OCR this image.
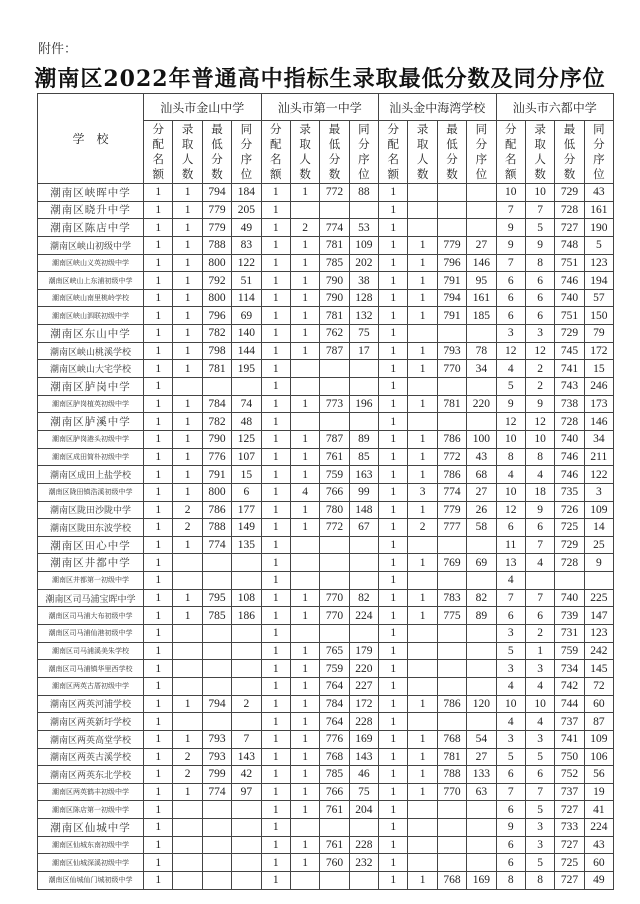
附件：
潮南区2022年普通高中指标生录取最低分数及同分序位
学　校	汕头市金山中学				汕头市第一中学				汕头金中海湾学校				汕头市六都中学			
	分配名额	录取人数	最低分数	同分序位	分配名额	录取人数	最低分数	同分序位	分配名额	录取人数	最低分数	同分序位	分配名额	录取人数	最低分数	同分序位
潮南区峡晖中学	1	1	794	184	1	1	772	88	1				10	10	729	43
潮南区晓升中学	1	1	779	205	1				1				7	7	728	161
潮南区陈店中学	1	1	779	49	1	2	774	53	1				9	5	727	190
潮南区峡山初级中学	1	1	788	83	1	1	781	109	1	1	779	27	9	9	748	5
潮南区峡山义英初级中学	1	1	800	122	1	1	785	202	1	1	796	146	7	8	751	123
潮南区峡山上东浦初级中学	1	1	792	51	1	1	790	38	1	1	791	95	6	6	746	194
潮南区峡山南里桃岭学校	1	1	800	114	1	1	790	128	1	1	794	161	6	6	740	57
潮南区峡山泗联初级中学	1	1	796	69	1	1	781	132	1	1	791	185	6	6	751	150
潮南区东山中学	1	1	782	140	1	1	762	75	1				3	3	729	79
潮南区峡山桃溪学校	1	1	798	144	1	1	787	17	1	1	793	78	12	12	745	172
潮南区峡山大宅学校	1	1	781	195	1				1	1	770	34	4	2	741	15
潮南区胪岗中学	1				1				1				5	2	743	246
潮南区胪岗植英初级中学	1	1	784	74	1	1	773	196	1	1	781	220	9	9	738	173
潮南区胪溪中学	1	1	782	48	1				1				12	12	728	146
潮南区胪岗港头初级中学	1	1	790	125	1	1	787	89	1	1	786	100	10	10	740	34
潮南区成田简朴初级中学	1	1	776	107	1	1	761	85	1	1	772	43	8	8	746	211
潮南区成田上盐学校	1	1	791	15	1	1	759	163	1	1	786	68	4	4	746	122
潮南区陇田镇浩溪初级中学	1	1	800	6	1	4	766	99	1	3	774	27	10	18	735	3
潮南区陇田沙陇中学	1	2	786	177	1	1	780	148	1	1	779	26	12	9	726	109
潮南区陇田东波学校	1	2	788	149	1	1	772	67	1	2	777	58	6	6	725	14
潮南区田心中学	1	1	774	135	1				1				11	7	729	25
潮南区井都中学	1				1				1	1	769	69	13	4	728	9
潮南区井都第一初级中学	1				1				1				4			
潮南区司马浦宝晖中学	1	1	795	108	1	1	770	82	1	1	783	82	7	7	740	225
潮南区司马浦大布初级中学	1	1	785	186	1	1	770	224	1	1	775	89	6	6	739	147
潮南区司马浦仙港初级中学	1				1				1				3	2	731	123
潮南区司马浦溪美朱学校	1				1	1	765	179	1				5	1	759	242
潮南区司马浦镇华里西学校	1				1	1	759	220	1				3	3	734	145
潮南区两英古厝初级中学	1				1	1	764	227	1				4	4	742	72
潮南区两英河浦学校	1	1	794	2	1	1	784	172	1	1	786	120	10	10	744	60
潮南区两英新圩学校	1				1	1	764	228	1				4	4	737	87
潮南区两英高堂学校	1	1	793	7	1	1	776	169	1	1	768	54	3	3	741	109
潮南区两英古溪学校	1	2	793	143	1	1	768	143	1	1	781	27	5	5	750	106
潮南区两英东北学校	1	2	799	42	1	1	785	46	1	1	788	133	6	6	752	56
潮南区两英鹤丰初级中学	1	1	774	97	1	1	766	75	1	1	770	63	7	7	737	19
潮南区陈店第一初级中学	1				1	1	761	204	1				6	5	727	41
潮南区仙城中学	1				1				1				9	3	733	224
潮南区仙城东南初级中学	1				1	1	761	228	1				6	3	727	43
潮南区仙城深溪初级中学	1				1	1	760	232	1				6	5	725	60
潮南区仙城仙门城初级中学	1				1				1	1	768	169	8	8	727	49
